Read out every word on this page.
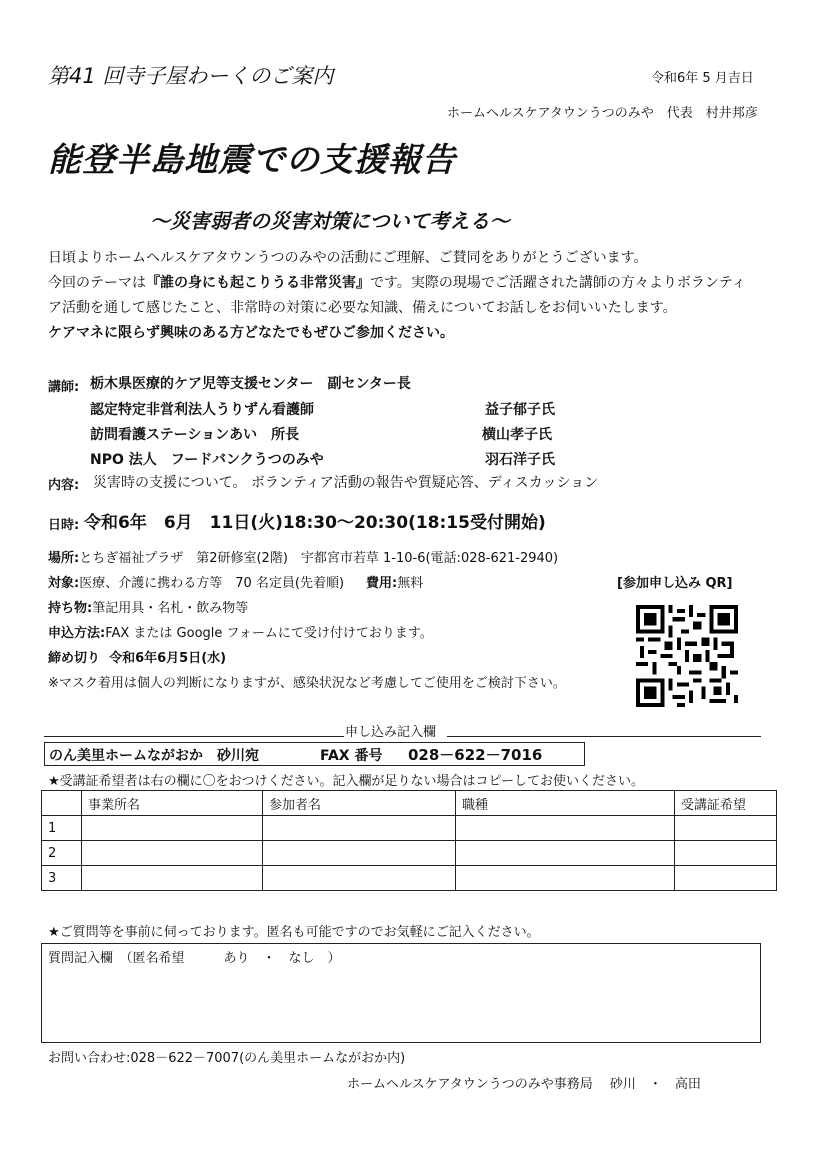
第41 回寺子屋わーくのご案内	令和6年 5 月吉日
ホームヘルスケアタウンうつのみや　代表　村井邦彦
能登半島地震での支援報告
～災害弱者の災害対策について考える～
日頃よりホームヘルスケアタウンうつのみやの活動にご理解、ご賛同をありがとうございます。
今回のテーマは『誰の身にも起こりうる非常災害』です。実際の現場でご活躍された講師の方々よりボランティ
ア活動を通して感じたこと、非常時の対策に必要な知識、備えについてお話しをお伺いいたします。
ケアマネに限らず興味のある方どなたでもぜひご参加ください。
講師: 栃木県医療的ケア児等支援センター　副センター長
認定特定非営利法人うりずん看護師	益子郁子氏
訪問看護ステーションあい　所長	横山孝子氏
NPO 法人　フードバンクうつのみや	羽石洋子氏
内容: 災害時の支援について。 ボランティア活動の報告や質疑応答、ディスカッション
日時: 令和6年　6月　11日(火)18:30～20:30(18:15受付開始)
場所:とちぎ福祉プラザ　第2研修室(2階)　宇都宮市若草 1-10-6(電話:028-621-2940)
対象:医療、介護に携わる方等　70 名定員(先着順) 費用:無料	[参加申し込み QR]
持ち物:筆記用具・名札・飲み物等
申込方法:FAX または Google フォームにて受け付けております。
締め切り 令和6年6月5日(水)
※マスク着用は個人の判断になりますが、感染状況など考慮してご使用をご検討下さい。
申し込み記入欄
のん美里ホームながおか　砂川宛	FAX 番号 028－622－7016
★受講証希望者は右の欄に〇をおつけください。記入欄が足りない場合はコピーしてお使いください。
	事業所名	参加者名	職種	受講証希望
1				
2				
3				
★ご質問等を事前に伺っております。匿名も可能ですのでお気軽にご記入ください。
質問記入欄　（匿名希望　　　あり　・　なし　）
お問い合わせ:028－622－7007(のん美里ホームながおか内)
ホームヘルスケアタウンうつのみや事務局　 砂川　・　高田
